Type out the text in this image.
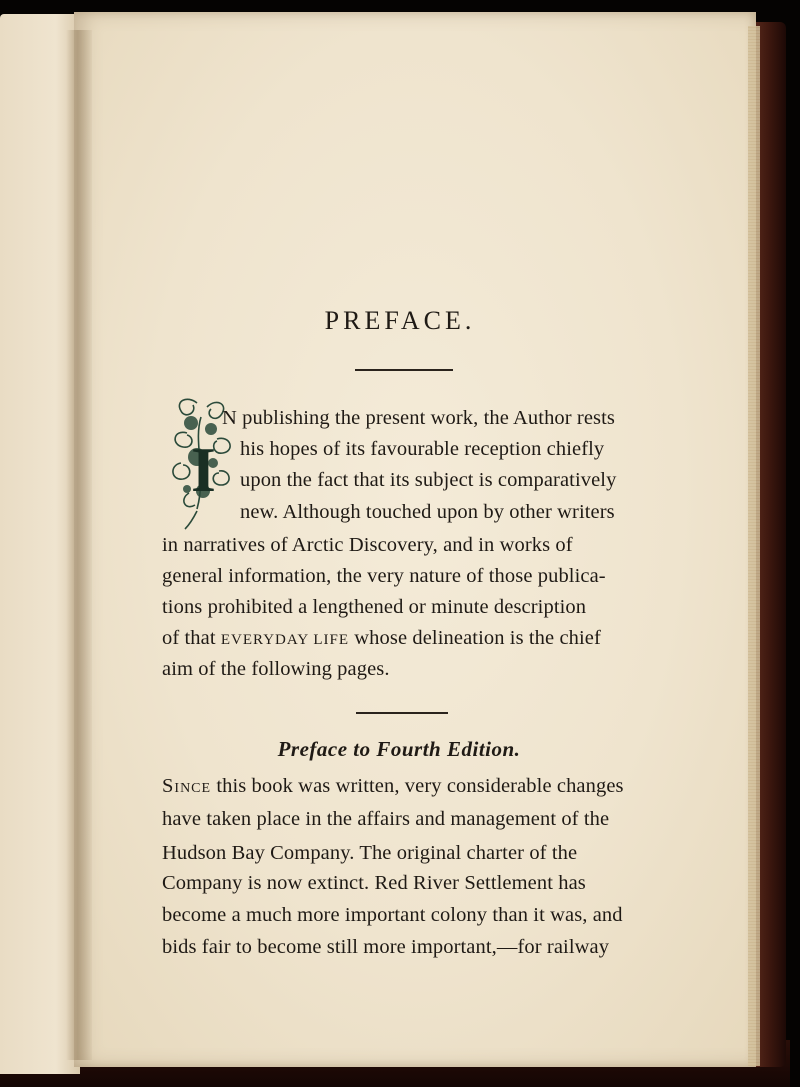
PREFACE.
I
N publishing the present work, the Author rests
his hopes of its favourable reception chiefly
upon the fact that its subject is comparatively
new. Although touched upon by other writers
in narratives of Arctic Discovery, and in works of
general information, the very nature of those publica-
tions prohibited a lengthened or minute description
of that EVERYDAY LIFE whose delineation is the chief
aim of the following pages.
Preface to Fourth Edition.
Since this book was written, very considerable changes
have taken place in the affairs and management of the
Hudson Bay Company. The original charter of the
Company is now extinct. Red River Settlement has
become a much more important colony than it was, and
bids fair to become still more important,—for railway
